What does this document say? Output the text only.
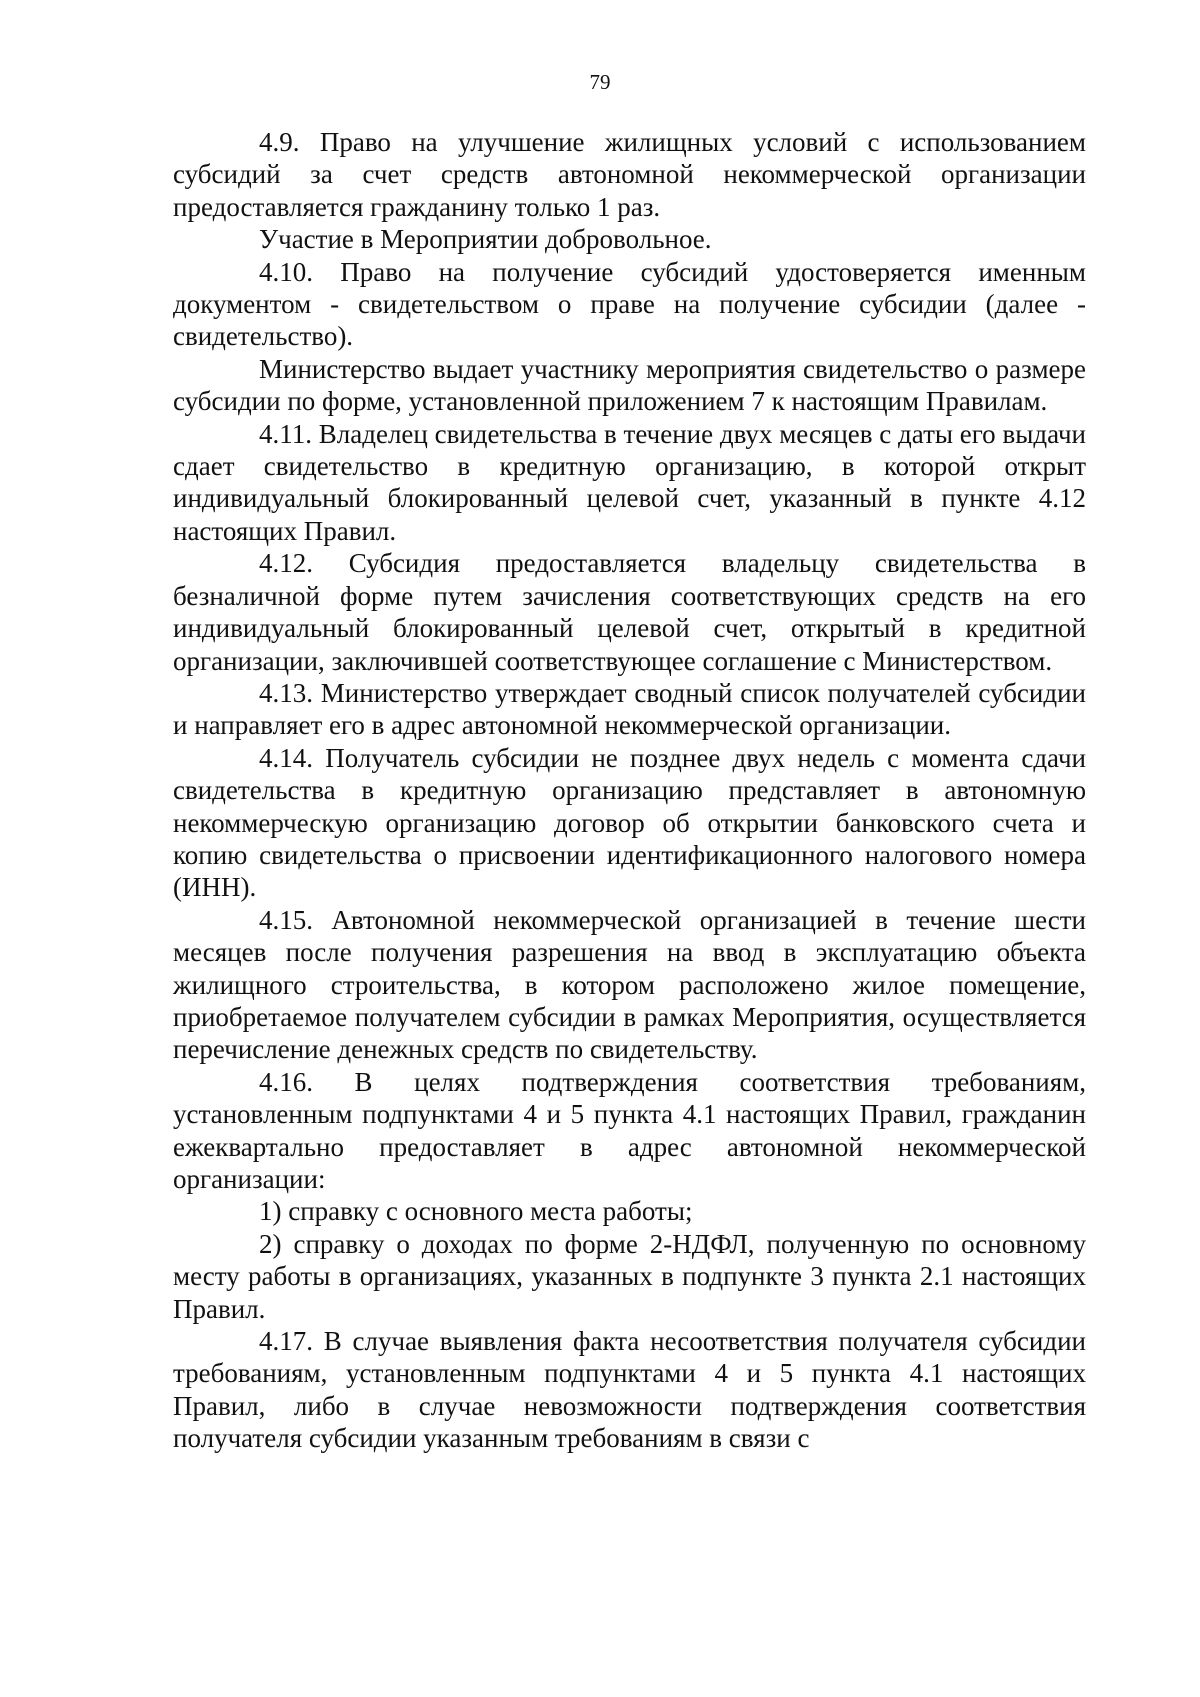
79

4.9. Право на улучшение жилищных условий с использованием субсидий за счет средств автономной некоммерческой организации предоставляется гражданину только 1 раз.

Участие в Мероприятии добровольное.

4.10. Право на получение субсидий удостоверяется именным документом - свидетельством о праве на получение субсидии (далее - свидетельство).

Министерство выдает участнику мероприятия свидетельство о размере субсидии по форме, установленной приложением 7 к настоящим Правилам.

4.11. Владелец свидетельства в течение двух месяцев с даты его выдачи сдает свидетельство в кредитную организацию, в которой открыт индивидуальный блокированный целевой счет, указанный в пункте 4.12 настоящих Правил.

4.12. Субсидия предоставляется владельцу свидетельства в безналичной форме путем зачисления соответствующих средств на его индивидуальный блокированный целевой счет, открытый в кредитной организации, заключившей соответствующее соглашение с Министерством.

4.13. Министерство утверждает сводный список получателей субсидии и направляет его в адрес автономной некоммерческой организации.

4.14. Получатель субсидии не позднее двух недель с момента сдачи свидетельства в кредитную организацию представляет в автономную некоммерческую организацию договор об открытии банковского счета и копию свидетельства о присвоении идентификационного налогового номера (ИНН).

4.15. Автономной некоммерческой организацией в течение шести месяцев после получения разрешения на ввод в эксплуатацию объекта жилищного строительства, в котором расположено жилое помещение, приобретаемое получателем субсидии в рамках Мероприятия, осуществляется перечисление денежных средств по свидетельству.

4.16. В целях подтверждения соответствия требованиям, установленным подпунктами 4 и 5 пункта 4.1 настоящих Правил, гражданин ежеквартально предоставляет в адрес автономной некоммерческой организации:

1) справку с основного места работы;

2) справку о доходах по форме 2-НДФЛ, полученную по основному месту работы в организациях, указанных в подпункте 3 пункта 2.1 настоящих Правил.

4.17. В случае выявления факта несоответствия получателя субсидии требованиям, установленным подпунктами 4 и 5 пункта 4.1 настоящих Правил, либо в случае невозможности подтверждения соответствия получателя субсидии указанным требованиям в связи с
